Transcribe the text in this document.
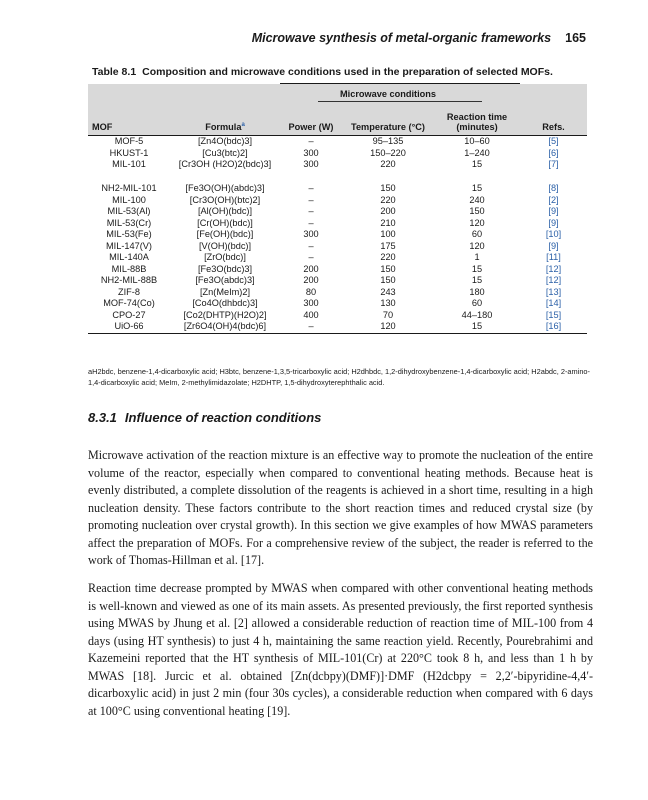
Microwave synthesis of metal-organic frameworks 165
Table 8.1 Composition and microwave conditions used in the preparation of selected MOFs.
		Microwave conditions			
MOF	Formula$^a$	Power (W)	Temperature (°C)	Reaction time (minutes)	Refs.
MOF-5	[Zn4O(bdc)3]	–	95–135	10–60	[5]
HKUST-1	[Cu3(btc)2]	300	150–220	1–240	[6]
MIL-101	[Cr3OH (H2O)2(bdc)3]	300	220	15	[7]
NH2-MIL-101	[Fe3O(OH)(abdc)3]	–	150	15	[8]
MIL-100	[Cr3O(OH)(btc)2]	–	220	240	[2]
MIL-53(Al)	[Al(OH)(bdc)]	–	200	150	[9]
MIL-53(Cr)	[Cr(OH)(bdc)]	–	210	120	[9]
MIL-53(Fe)	[Fe(OH)(bdc)]	300	100	60	[10]
MIL-147(V)	[V(OH)(bdc)]	–	175	120	[9]
MIL-140A	[ZrO(bdc)]	–	220	1	[11]
MIL-88B	[Fe3O(bdc)3]	200	150	15	[12]
NH2-MIL-88B	[Fe3O(abdc)3]	200	150	15	[12]
ZIF-8	[Zn(MeIm)2]	80	243	180	[13]
MOF-74(Co)	[Co4O(dhbdc)3]	300	130	60	[14]
CPO-27	[Co2(DHTP)(H2O)2]	400	70	44–180	[15]
UiO-66	[Zr6O4(OH)4(bdc)6]	–	120	15	[16]
aH2bdc, benzene-1,4-dicarboxylic acid; H3btc, benzene-1,3,5-tricarboxylic acid; H2dhbdc, 1,2-dihydroxybenzene-1,4-dicarboxylic acid; H2abdc, 2-amino-1,4-dicarboxylic acid; MeIm, 2-methylimidazolate; H2DHTP, 1,5-dihydroxyterephthalic acid.
8.3.1 Influence of reaction conditions
Microwave activation of the reaction mixture is an effective way to promote the nucleation of the entire volume of the reactor, especially when compared to conventional heating methods. Because heat is evenly distributed, a complete dissolution of the reagents is achieved in a short time, resulting in a high nucleation density. These factors contribute to the short reaction times and reduced crystal size (by promoting nucleation over crystal growth). In this section we give examples of how MWAS parameters affect the preparation of MOFs. For a comprehensive review of the subject, the reader is referred to the work of Thomas-Hillman et al. [17].
Reaction time decrease prompted by MWAS when compared with other conventional heating methods is well-known and viewed as one of its main assets. As presented previously, the first reported synthesis using MWAS by Jhung et al. [2] allowed a considerable reduction of reaction time of MIL-100 from 4 days (using HT synthesis) to just 4 h, maintaining the same reaction yield. Recently, Pourebrahimi and Kazemeini reported that the HT synthesis of MIL-101(Cr) at 220°C took 8 h, and less than 1 h by MWAS [18]. Jurcic et al. obtained [Zn(dcbpy)(DMF)]·DMF (H2dcbpy = 2,2′-bipyridine-4,4′-dicarboxylic acid) in just 2 min (four 30s cycles), a considerable reduction when compared with 6 days at 100°C using conventional heating [19].
